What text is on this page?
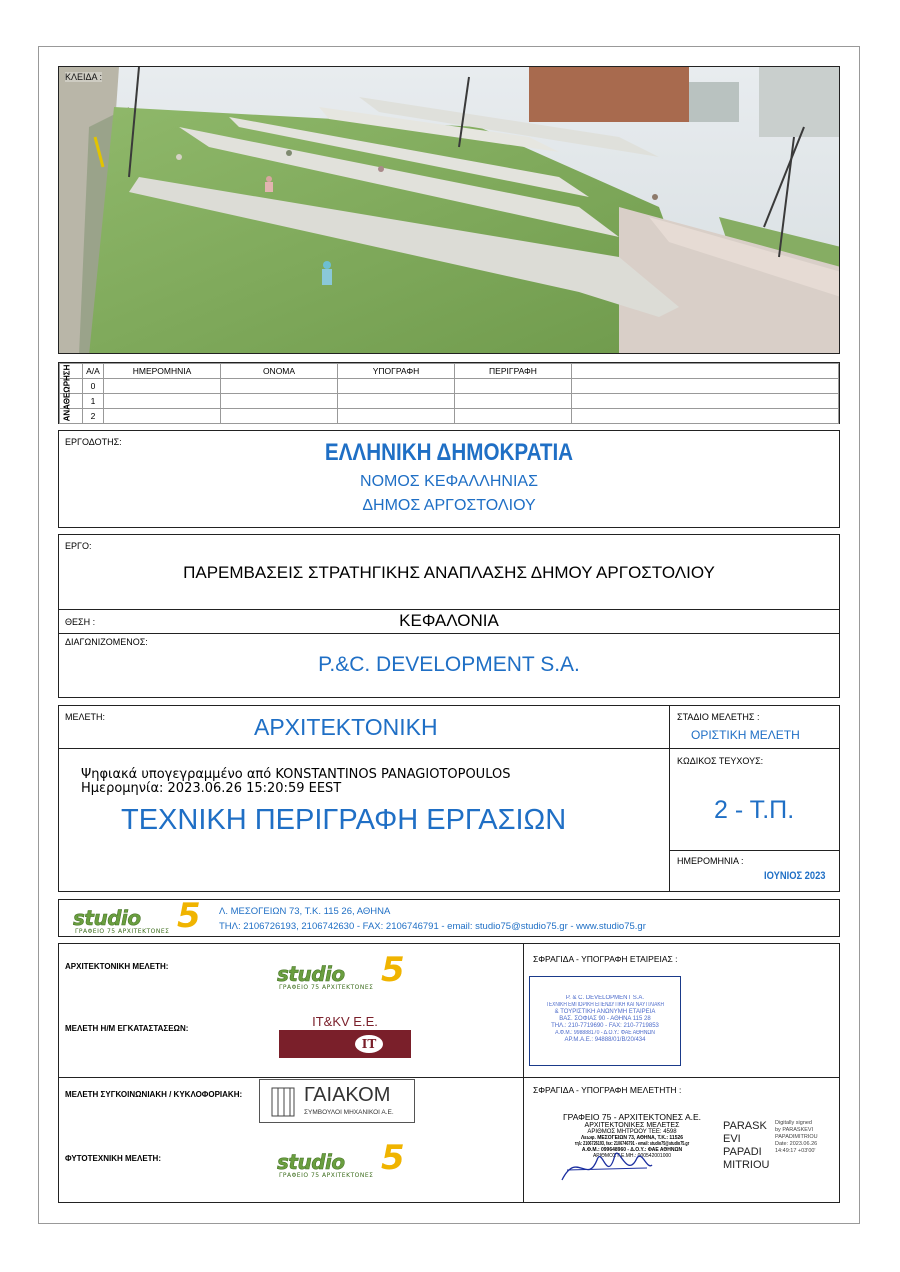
ΚΛΕΙΔΑ :
	Α/Α	ΗΜΕΡΟΜΗΝΙΑ	ΟΝΟΜΑ	ΥΠΟΓΡΑΦΗ	ΠΕΡΙΓΡΑΦΗ	
	0					
	1					
	2					
ΑΝΑΘΕΩΡΗΣΗ
ΕΡΓΟΔΟΤΗΣ:	ΕΛΛΗΝΙΚΗ ΔΗΜΟΚΡΑΤΙΑ
ΝΟΜΟΣ ΚΕΦΑΛΛΗΝΙΑΣ
ΔΗΜΟΣ ΑΡΓΟΣΤΟΛΙΟΥ
ΕΡΓΟ:
ΠΑΡΕΜΒΑΣΕΙΣ ΣΤΡΑΤΗΓΙΚΗΣ ΑΝΑΠΛΑΣΗΣ ΔΗΜΟΥ ΑΡΓΟΣΤΟΛΙΟΥ
ΘΕΣΗ :	ΚΕΦΑΛΟΝΙΑ
ΔΙΑΓΩΝΙΖΟΜΕΝΟΣ:
P.&C. DEVELOPMENT S.A.
ΜΕΛΕΤΗ:	ΑΡΧΙΤΕΚΤΟΝΙΚΗ	ΣΤΑΔΙΟ ΜΕΛΕΤΗΣ :
ΟΡΙΣΤΙΚΗ ΜΕΛΕΤΗ
Ψηφιακά υπογεγραμμένο από KONSTANTINOS PANAGIOTOPOULOS
Ημερομηνία: 2023.06.26 15:20:59 EEST
ΤΕΧΝΙΚΗ ΠΕΡΙΓΡΑΦΗ ΕΡΓΑΣΙΩΝ
ΚΩΔΙΚΟΣ ΤΕΥΧΟΥΣ:
2 - Τ.Π.
ΗΜΕΡΟΜΗΝΙΑ :
ΙΟΥΝΙΟΣ 2023
studio 5
ΓΡΑΦΕΙΟ 75 ΑΡΧΙΤΕΚΤΟΝΕΣ
Λ. ΜΕΣΟΓΕΙΩΝ 73, Τ.Κ. 115 26, ΑΘΗΝΑ
ΤΗΛ: 2106726193, 2106742630 - FAX: 2106746791 - email: studio75@studio75.gr - www.studio75.gr
ΑΡΧΙΤΕΚΤΟΝΙΚΗ ΜΕΛΕΤΗ:	studio 5
ΓΡΑΦΕΙΟ 75 ΑΡΧΙΤΕΚΤΟΝΕΣ
ΜΕΛΕΤΗ Η/Μ ΕΓΚΑΤΑΣΤΑΣΕΩΝ:	IT&KV E.E.
IT
ΜΕΛΕΤΗ ΣΥΓΚΟΙΝΩΝΙΑΚΗ / ΚΥΚΛΟΦΟΡΙΑΚΗ:	ΓΑΙΑΚΟΜ
ΣΥΜΒΟΥΛΟΙ ΜΗΧΑΝΙΚΟΙ Α.Ε.
ΦΥΤΟΤΕΧΝΙΚΗ ΜΕΛΕΤΗ:	studio 5
ΓΡΑΦΕΙΟ 75 ΑΡΧΙΤΕΚΤΟΝΕΣ
ΣΦΡΑΓΙΔΑ - ΥΠΟΓΡΑΦΗ ΕΤΑΙΡΕΙΑΣ :
P. & C. DEVELOPMENT S.A.
ΤΕΧΝΙΚΗ ΕΜΠΟΡΙΚΗ ΕΠΕΝΔΥΤΙΚΗ ΚΑΙ ΝΑΥΤΙΛΙΑΚΗ
& ΤΟΥΡΙΣΤΙΚΗ ΑΝΩΝΥΜΗ ΕΤΑΙΡΕΙΑ
ΒΑΣ. ΣΟΦΙΑΣ 90 - ΑΘΗΝΑ 115 28
ΤΗΛ.: 210-7719690 - FAX: 210-7719853
Α.Φ.Μ.: 998888170 - Δ.Ο.Υ.: ΦΑΕ ΑΘΗΝΩΝ
ΑΡ.Μ.Α.Ε.: 94888/01/Β/20/434
ΣΦΡΑΓΙΔΑ - ΥΠΟΓΡΑΦΗ ΜΕΛΕΤΗΤΗ :
ΓΡΑΦΕΙΟ 75 - ΑΡΧΙΤΕΚΤΟΝΕΣ Α.Ε.
ΑΡΧΙΤΕΚΤΟΝΙΚΕΣ ΜΕΛΕΤΕΣ
ΑΡΙΘΜΟΣ ΜΗΤΡΩΟΥ ΤΕΕ: 4598
Λεωφ. ΜΕΣΟΓΕΙΩΝ 73, ΑΘΗΝΑ, Τ.Κ.: 11526
τηλ: 2106726193, fax: 2106746791 - email: studio75@studio75.gr
Α.Φ.Μ.: 099648960 - Δ.Ο.Υ.: ΦΑΕ ΑΘΗΝΩΝ
ΑΡΙΘΜΟΣ Γ.Ε.ΜΗ.: 000542001000
PARASK
EVI
PAPADI
MITRIOU
Digitally signed
by PARASKEVI
PAPADIMITRIOU
Date: 2023.06.26
14:49:17 +03'00'
